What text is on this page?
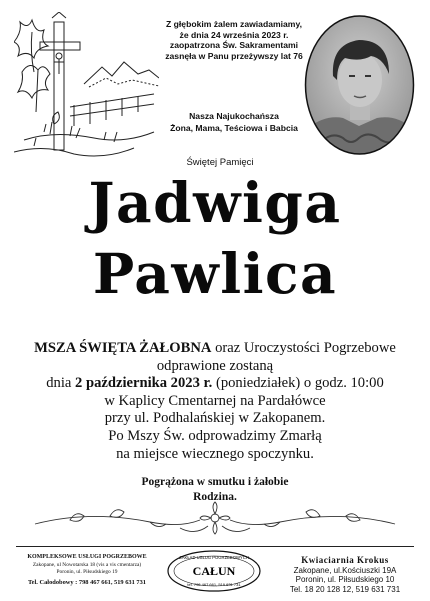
Z głębokim żalem zawiadamiamy,
że dnia 24 września 2023 r.
zaopatrzona Św. Sakramentami
zasnęła w Panu przeżywszy lat 76
Nasza Najukochańsza
Żona, Mama, Teściowa i Babcia
Świętej Pamięci
Jadwiga
Pawlica
MSZA ŚWIĘTA ŻAŁOBNA oraz Uroczystości Pogrzebowe
odprawione zostaną
dnia 2 października 2023 r. (poniedziałek) o godz. 10:00
w Kaplicy Cmentarnej na Pardałówce
przy ul. Podhalańskiej w Zakopanem.
Po Mszy Św. odprowadzimy Zmarłą
na miejsce wiecznego spoczynku.
Pogrążona w smutku i żałobie
Rodzina.
KOMPLEKSOWE USŁUGI POGRZEBOWE
Zakopane, ul Nowotarska 18 (vis a vis cmentarza)
Poronin, ul. Piłsudskiego 19
Tel. Całodobowy : 798 467 661, 519 631 731
ZAKŁAD USŁUG POGRZEBOWYCH
CAŁUN
tel. 798 467 661, 519 631 731
Kwiaciarnia Krokus
Zakopane, ul.Kościuszki 19A
Poronin, ul. Piłsudskiego 10
Tel. 18 20 128 12, 519 631 731
